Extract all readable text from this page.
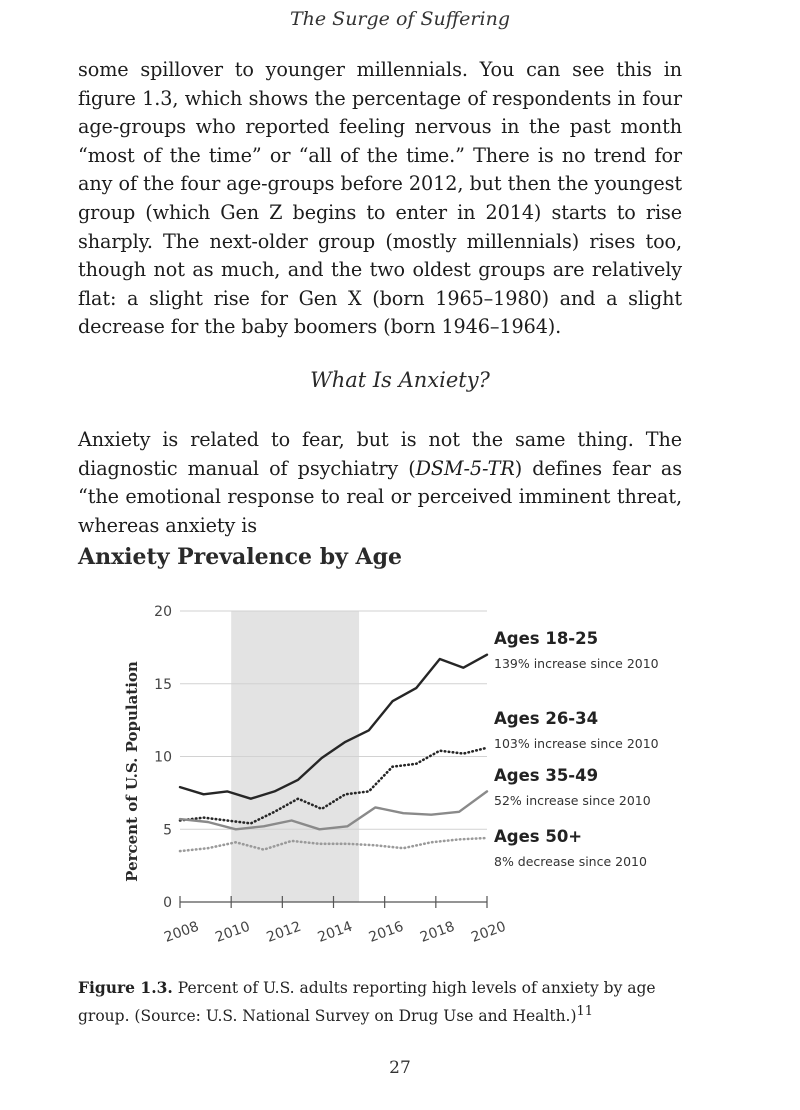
The Surge of Suffering

some spillover to younger millennials. You can see this in figure 1.3, which shows the percentage of respondents in four age-groups who reported feeling nervous in the past month “most of the time” or “all of the time.” There is no trend for any of the four age-groups before 2012, but then the youngest group (which Gen Z begins to enter in 2014) starts to rise sharply. The next-older group (mostly millennials) rises too, though not as much, and the two oldest groups are relatively flat: a slight rise for Gen X (born 1965–1980) and a slight decrease for the baby boomers (born 1946–1964).

What Is Anxiety?

Anxiety is related to fear, but is not the same thing. The diagnostic manual of psychiatry (DSM-5-TR) defines fear as “the emotional response to real or perceived imminent threat, whereas anxiety is

Anxiety Prevalence by Age
0
5
10
15
20
2008 2010 2012 2014 2016 2018 2020
Percent of U.S. Population
Ages 18-25
139% increase since 2010
Ages 26-34
103% increase since 2010
Ages 35-49
52% increase since 2010
Ages 50+
8% decrease since 2010
Figure 1.3. Percent of U.S. adults reporting high levels of anxiety by age group. (Source: U.S. National Survey on Drug Use and Health.)$^{11}$
27
